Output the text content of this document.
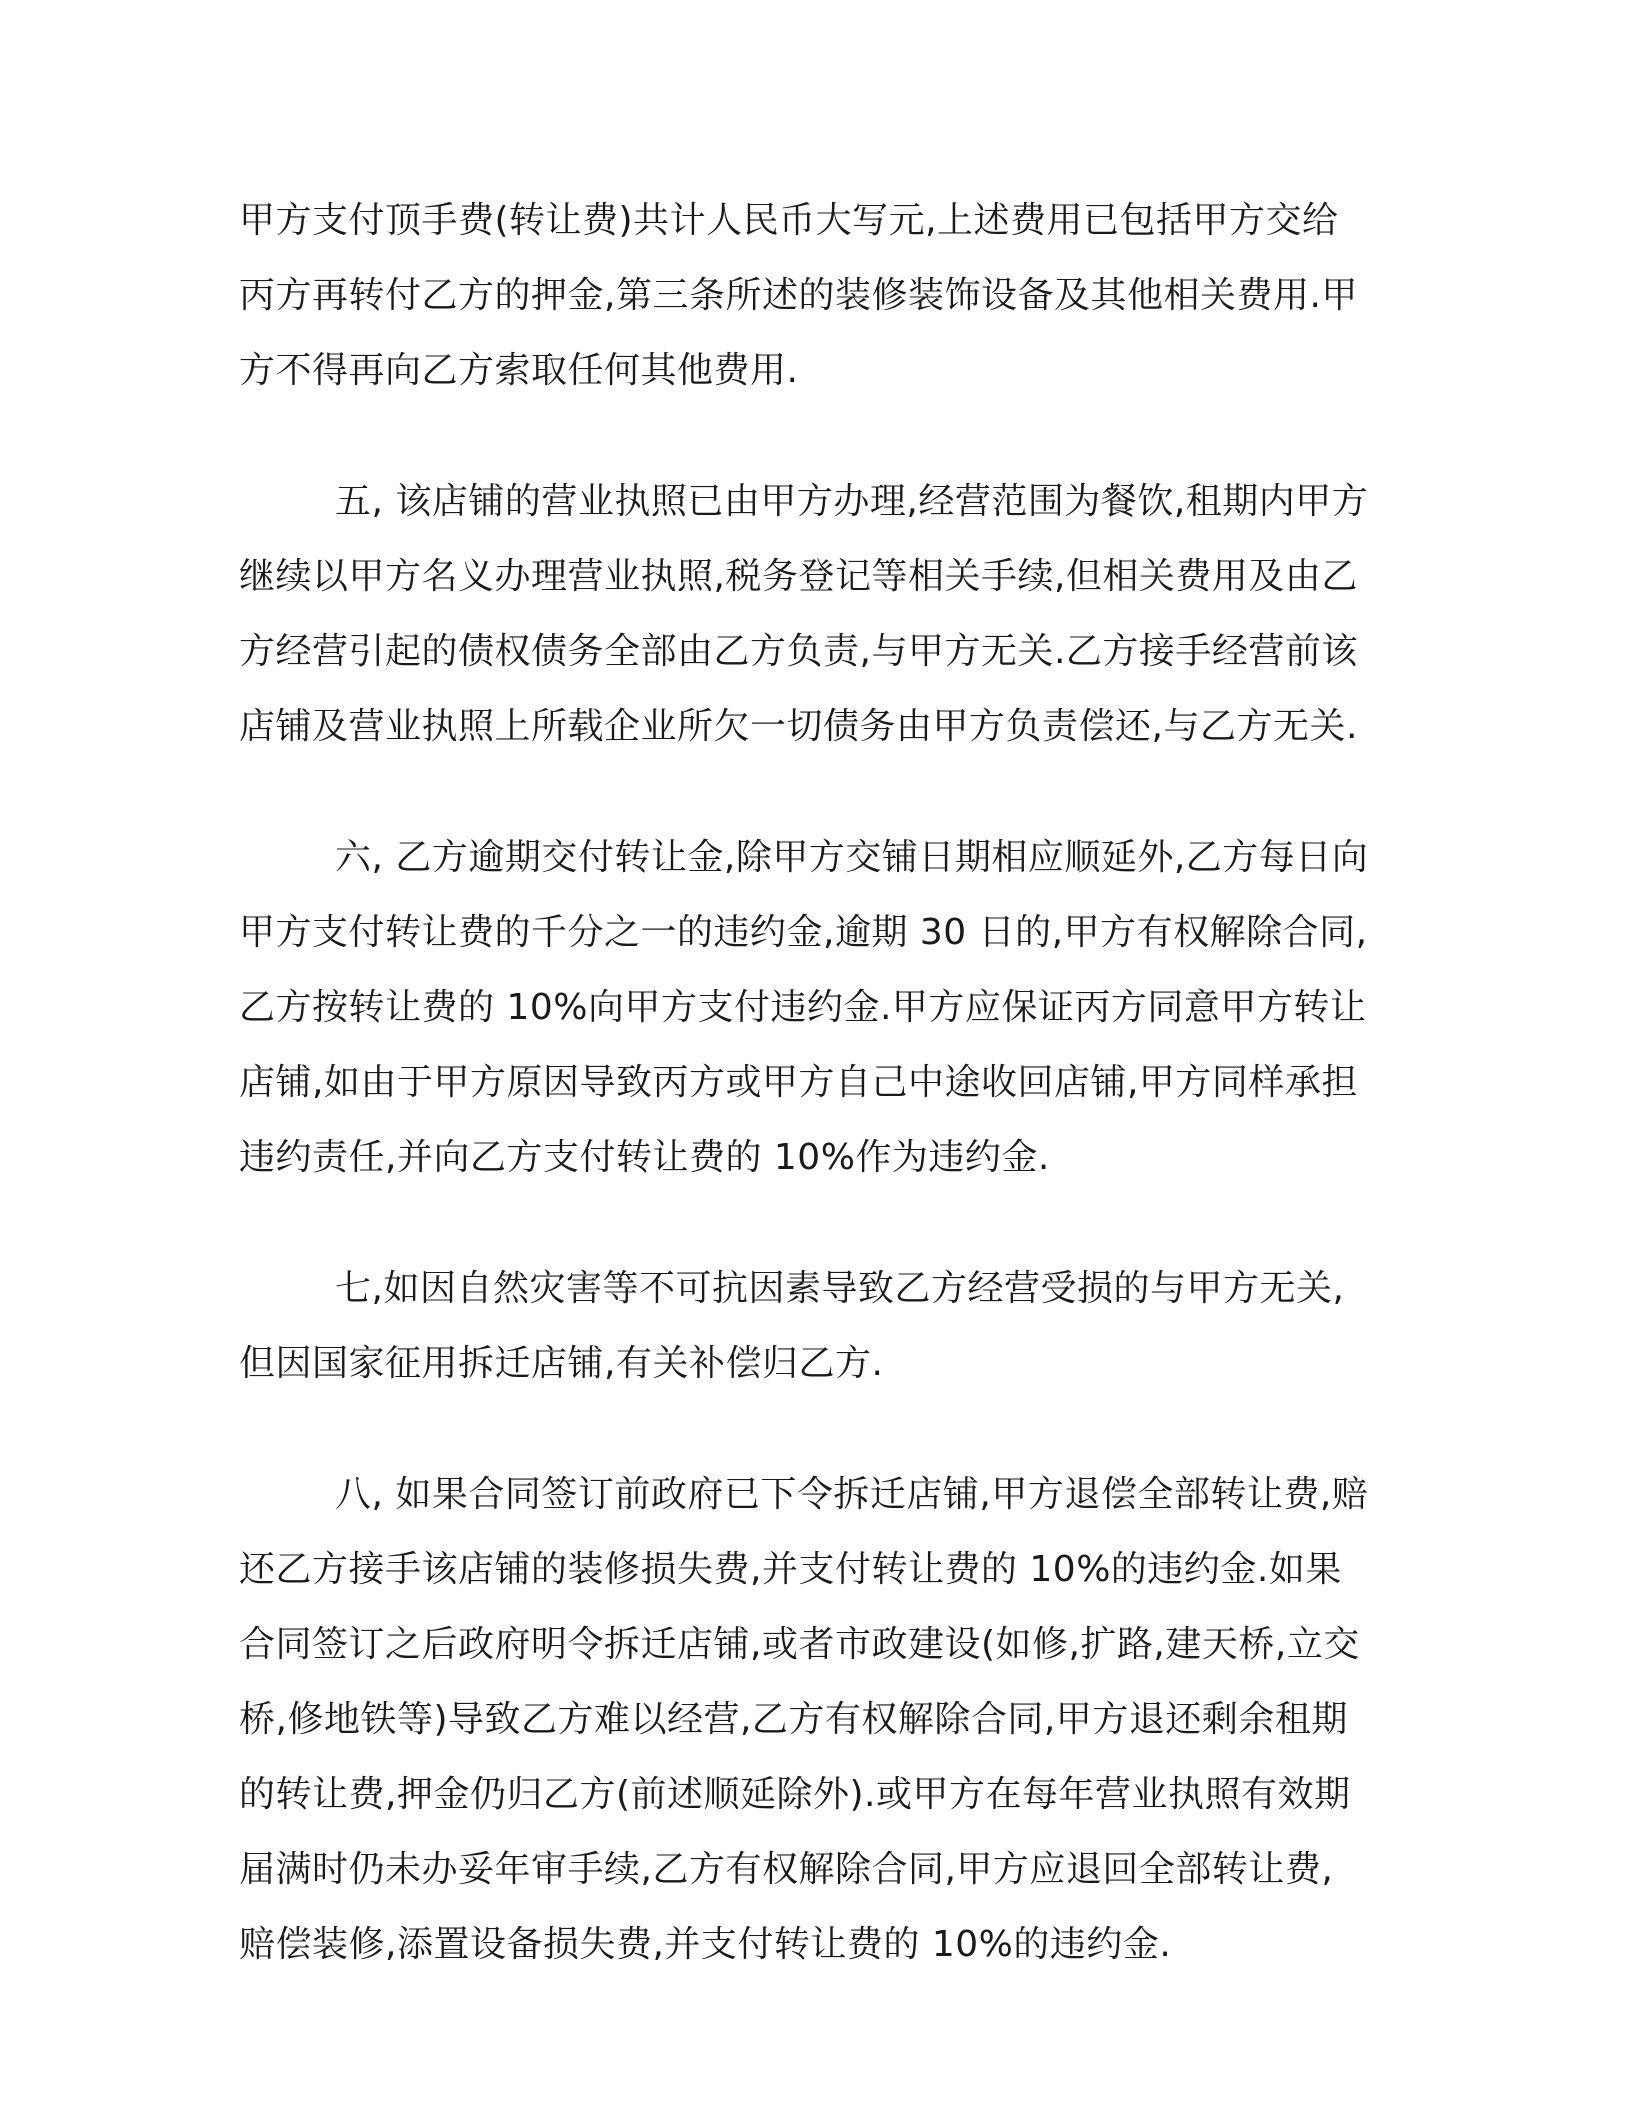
甲方支付顶手费(转让费)共计人民币大写元,上述费用已包括甲方交给
丙方再转付乙方的押金,第三条所述的装修装饰设备及其他相关费用.甲
方不得再向乙方索取任何其他费用.
五, 该店铺的营业执照已由甲方办理,经营范围为餐饮,租期内甲方
继续以甲方名义办理营业执照,税务登记等相关手续,但相关费用及由乙
方经营引起的债权债务全部由乙方负责,与甲方无关.乙方接手经营前该
店铺及营业执照上所载企业所欠一切债务由甲方负责偿还,与乙方无关.
六, 乙方逾期交付转让金,除甲方交铺日期相应顺延外,乙方每日向
甲方支付转让费的千分之一的违约金,逾期 30 日的,甲方有权解除合同,
乙方按转让费的 10%向甲方支付违约金.甲方应保证丙方同意甲方转让
店铺,如由于甲方原因导致丙方或甲方自己中途收回店铺,甲方同样承担
违约责任,并向乙方支付转让费的 10%作为违约金.
七,如因自然灾害等不可抗因素导致乙方经营受损的与甲方无关,
但因国家征用拆迁店铺,有关补偿归乙方.
八, 如果合同签订前政府已下令拆迁店铺,甲方退偿全部转让费,赔
还乙方接手该店铺的装修损失费,并支付转让费的 10%的违约金.如果
合同签订之后政府明令拆迁店铺,或者市政建设(如修,扩路,建天桥,立交
桥,修地铁等)导致乙方难以经营,乙方有权解除合同,甲方退还剩余租期
的转让费,押金仍归乙方(前述顺延除外).或甲方在每年营业执照有效期
届满时仍未办妥年审手续,乙方有权解除合同,甲方应退回全部转让费,
赔偿装修,添置设备损失费,并支付转让费的 10%的违约金.
